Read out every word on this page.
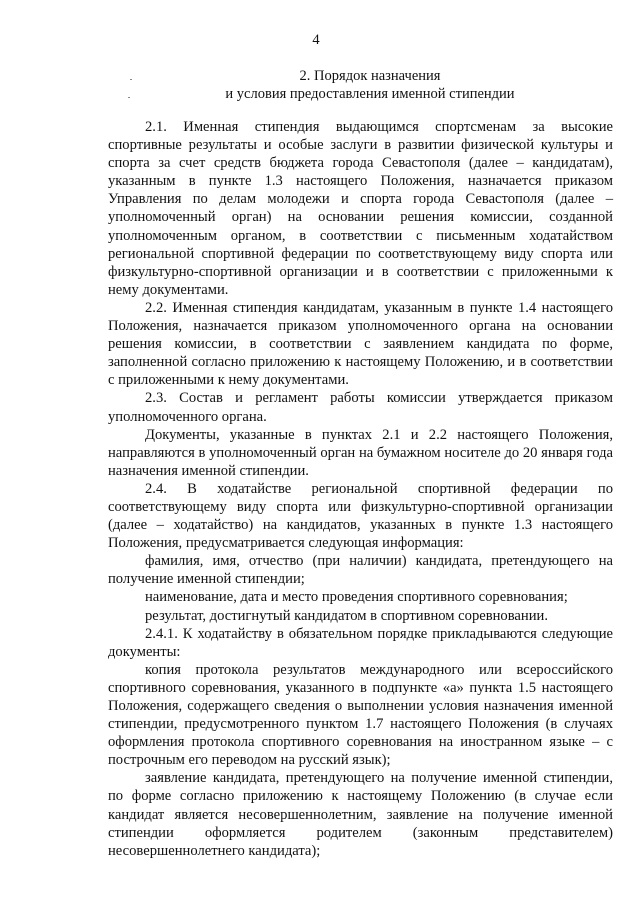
4
2. Порядок назначения
и условия предоставления именной стипендии

2.1. Именная стипендия выдающимся спортсменам за высокие спортивные результаты и особые заслуги в развитии физической культуры и спорта за счет средств бюджета города Севастополя (далее – кандидатам), указанным в пункте 1.3 настоящего Положения, назначается приказом Управления по делам молодежи и спорта города Севастополя (далее – уполномоченный орган) на основании решения комиссии, созданной уполномоченным органом, в соответствии с письменным ходатайством региональной спортивной федерации по соответствующему виду спорта или физкультурно-спортивной организации и в соответствии с приложенными к нему документами.

2.2. Именная стипендия кандидатам, указанным в пункте 1.4 настоящего Положения, назначается приказом уполномоченного органа на основании решения комиссии, в соответствии с заявлением кандидата по форме, заполненной согласно приложению к настоящему Положению, и в соответствии с приложенными к нему документами.

2.3. Состав и регламент работы комиссии утверждается приказом уполномоченного органа.

Документы, указанные в пунктах 2.1 и 2.2 настоящего Положения, направляются в уполномоченный орган на бумажном носителе до 20 января года назначения именной стипендии.

2.4. В ходатайстве региональной спортивной федерации по соответствующему виду спорта или физкультурно-спортивной организации (далее – ходатайство) на кандидатов, указанных в пункте 1.3 настоящего Положения, предусматривается следующая информация:

фамилия, имя, отчество (при наличии) кандидата, претендующего на получение именной стипендии;

наименование, дата и место проведения спортивного соревнования;

результат, достигнутый кандидатом в спортивном соревновании.

2.4.1. К ходатайству в обязательном порядке прикладываются следующие документы:

копия протокола результатов международного или всероссийского спортивного соревнования, указанного в подпункте «а» пункта 1.5 настоящего Положения, содержащего сведения о выполнении условия назначения именной стипендии, предусмотренного пунктом 1.7 настоящего Положения (в случаях оформления протокола спортивного соревнования на иностранном языке – с построчным его переводом на русский язык);

заявление кандидата, претендующего на получение именной стипендии, по форме согласно приложению к настоящему Положению (в случае если кандидат является несовершеннолетним, заявление на получение именной стипендии оформляется родителем (законным представителем) несовершеннолетнего кандидата);
